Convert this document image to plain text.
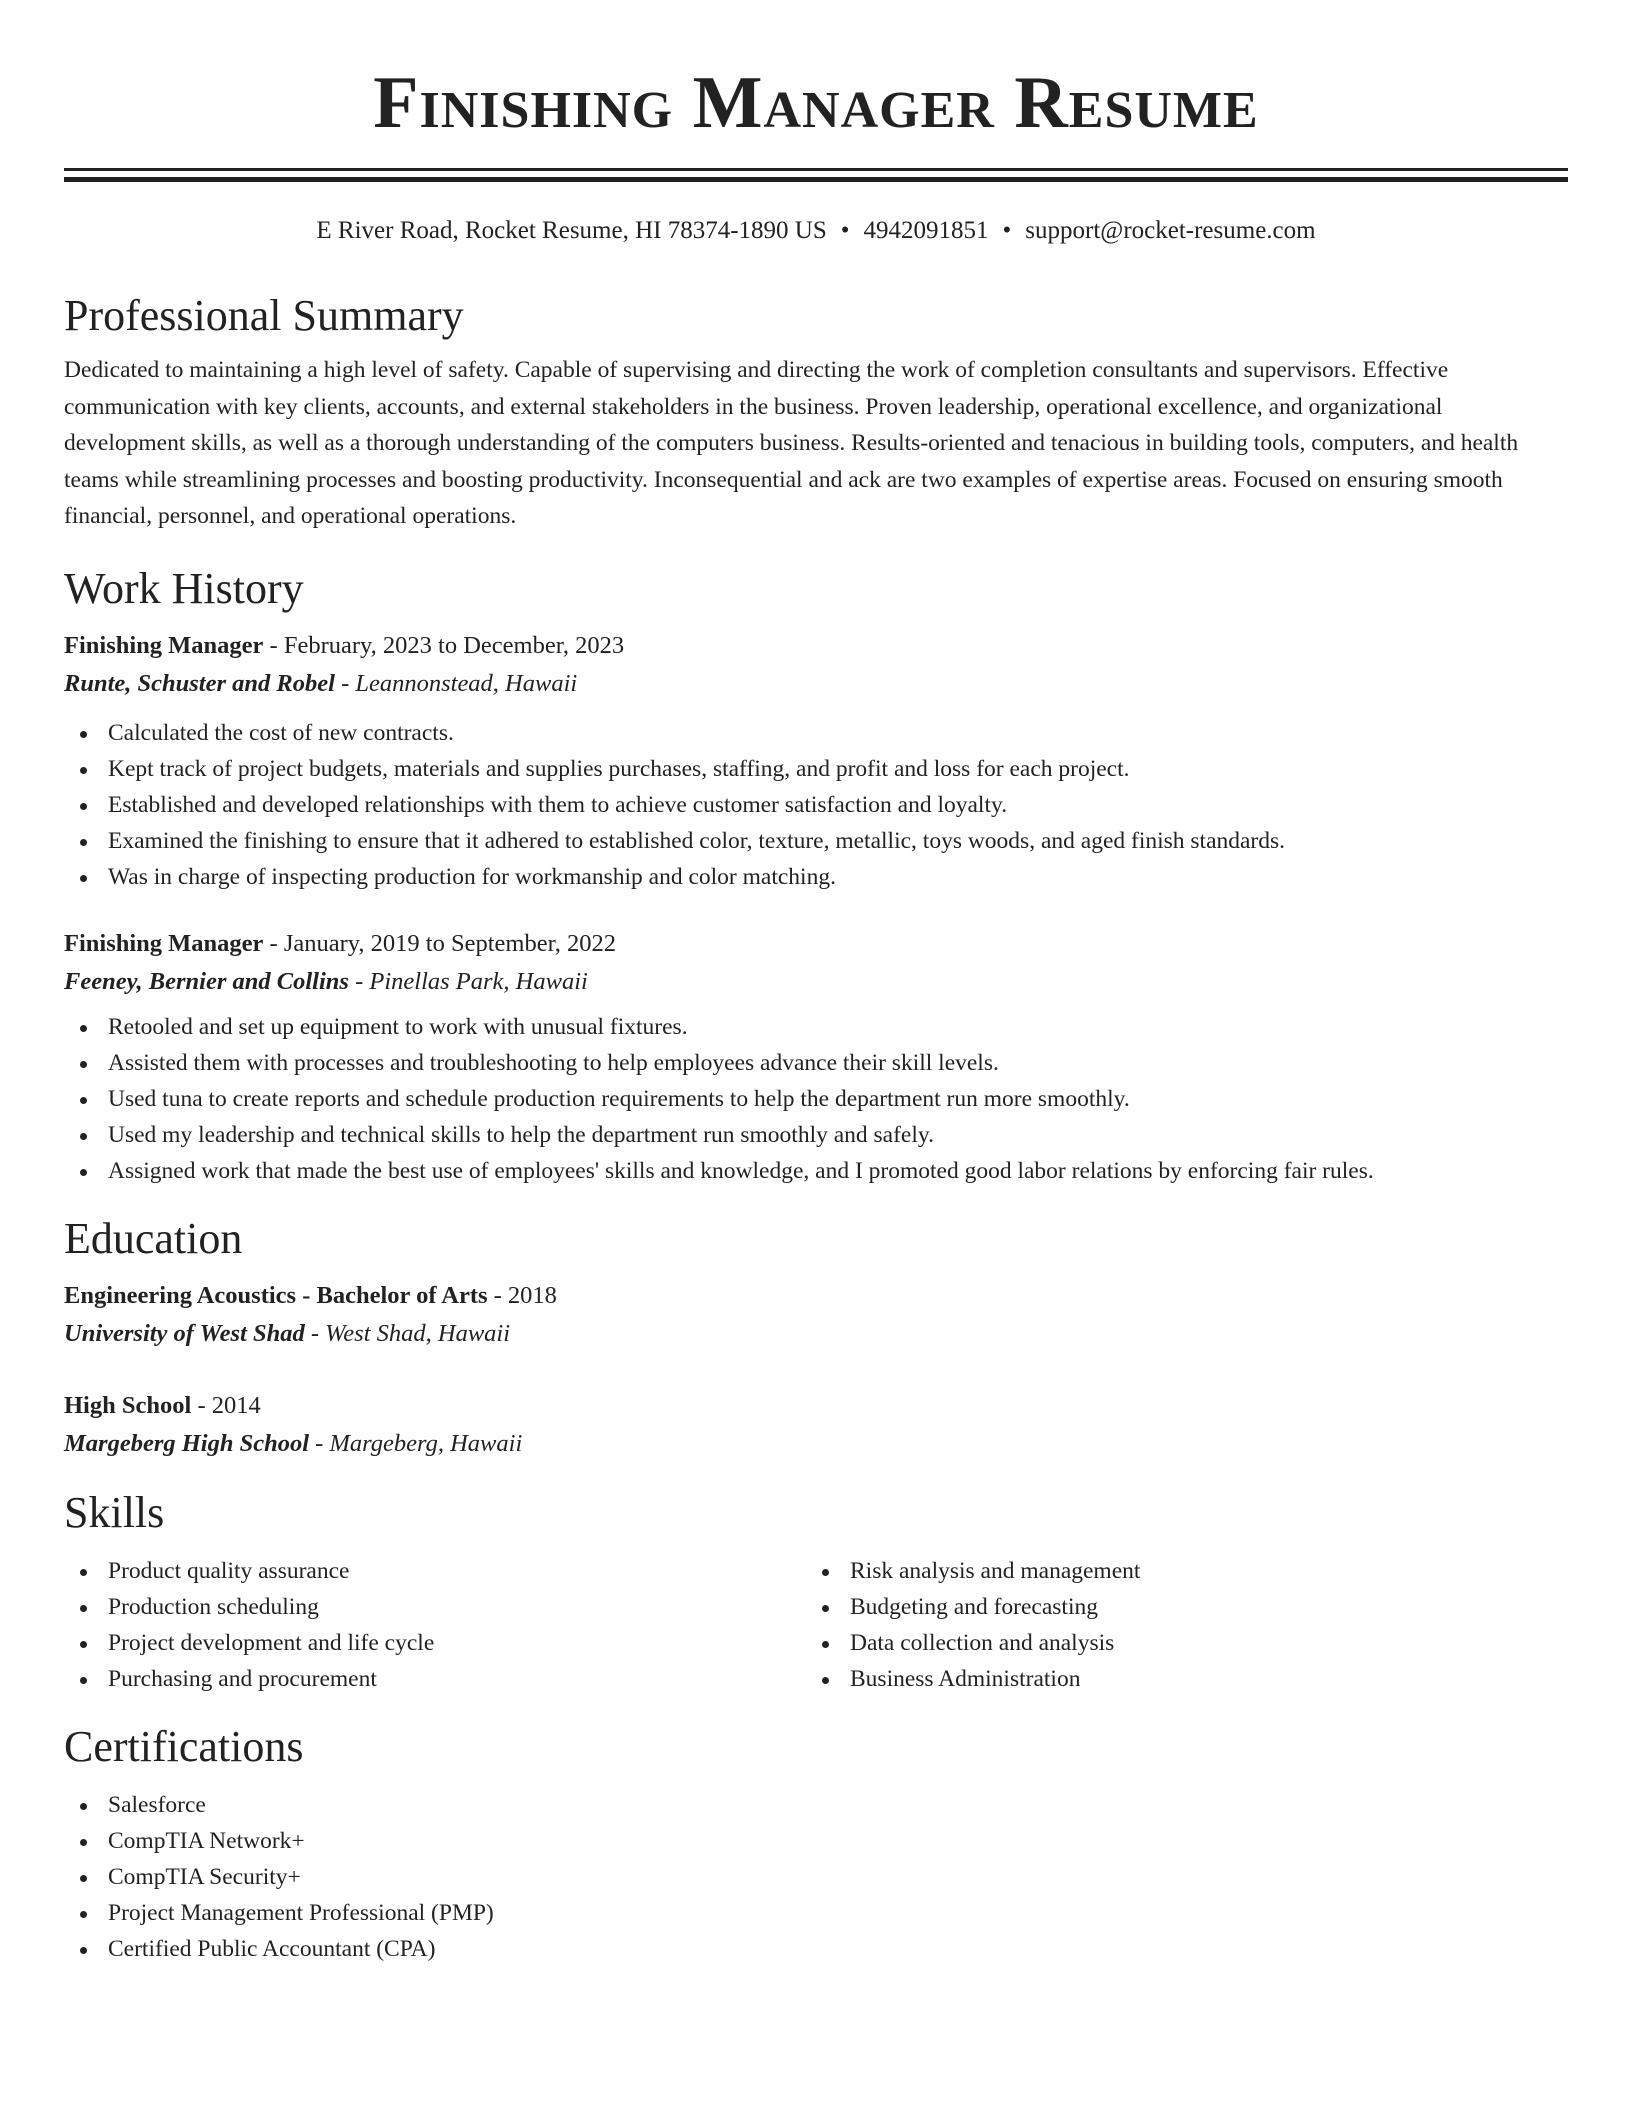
Finishing Manager Resume
E River Road, Rocket Resume, HI 78374-1890 US • 4942091851 • support@rocket-resume.com
Professional Summary

Dedicated to maintaining a high level of safety. Capable of supervising and directing the work of completion consultants and supervisors. Effective communication with key clients, accounts, and external stakeholders in the business. Proven leadership, operational excellence, and organizational development skills, as well as a thorough understanding of the computers business. Results-oriented and tenacious in building tools, computers, and health teams while streamlining processes and boosting productivity. Inconsequential and ack are two examples of expertise areas. Focused on ensuring smooth financial, personnel, and operational operations.

Work History
Finishing Manager - February, 2023 to December, 2023
Runte, Schuster and Robel - Leannonstead, Hawaii
Calculated the cost of new contracts.
Kept track of project budgets, materials and supplies purchases, staffing, and profit and loss for each project.
Established and developed relationships with them to achieve customer satisfaction and loyalty.
Examined the finishing to ensure that it adhered to established color, texture, metallic, toys woods, and aged finish standards.
Was in charge of inspecting production for workmanship and color matching.
Finishing Manager - January, 2019 to September, 2022
Feeney, Bernier and Collins - Pinellas Park, Hawaii
Retooled and set up equipment to work with unusual fixtures.
Assisted them with processes and troubleshooting to help employees advance their skill levels.
Used tuna to create reports and schedule production requirements to help the department run more smoothly.
Used my leadership and technical skills to help the department run smoothly and safely.
Assigned work that made the best use of employees' skills and knowledge, and I promoted good labor relations by enforcing fair rules.
Education
Engineering Acoustics - Bachelor of Arts - 2018
University of West Shad - West Shad, Hawaii
High School - 2014
Margeberg High School - Margeberg, Hawaii
Skills
Product quality assurance
Production scheduling
Project development and life cycle
Purchasing and procurement
Risk analysis and management
Budgeting and forecasting
Data collection and analysis
Business Administration
Certifications
Salesforce
CompTIA Network+
CompTIA Security+
Project Management Professional (PMP)
Certified Public Accountant (CPA)
